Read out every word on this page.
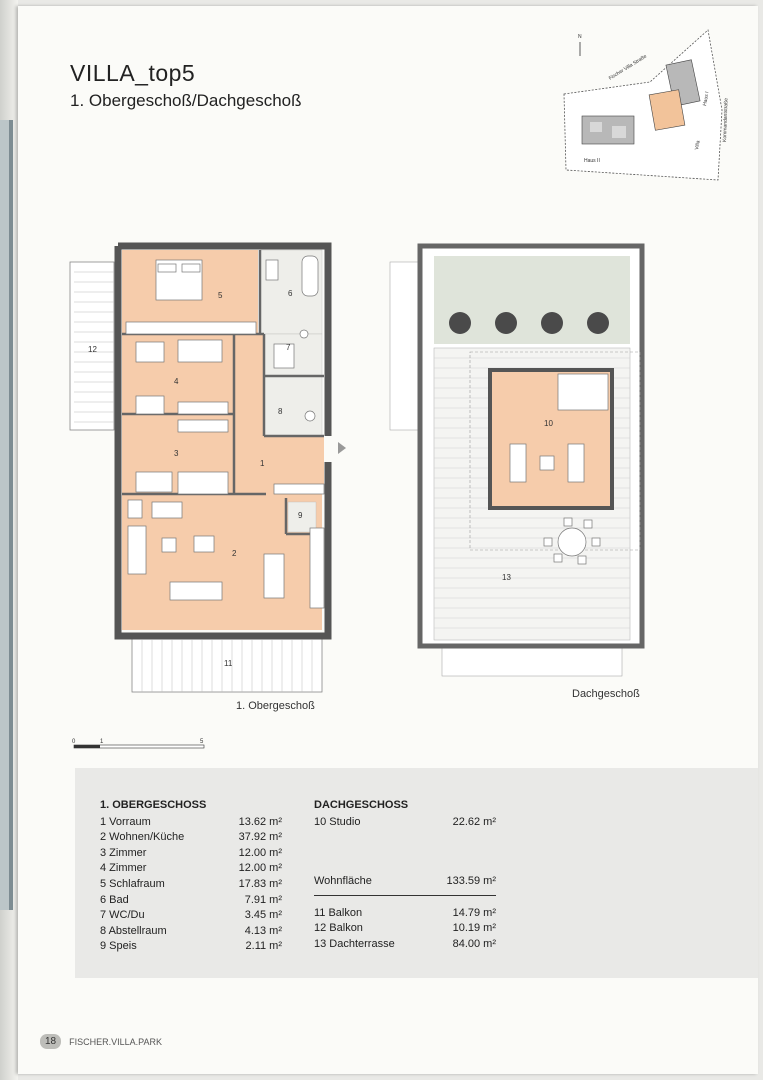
VILLA_top5
1. Obergeschoß/Dachgeschoß
N
Fischer Villa Straße
Haus II
Haus I
Villa
Kommandantstraße
12
11
1
2
3
4
5	6
7
8
9
1. Obergeschoß
10
13
Dachgeschoß
0	1	5
1. OBERGESCHOSS
1 Vorraum	13.62 m²
2 Wohnen/Küche	37.92 m²
3 Zimmer	12.00 m²
4 Zimmer	12.00 m²
5 Schlafraum	17.83 m²
6 Bad	7.91 m²
7 WC/Du	3.45 m²
8 Abstellraum	4.13 m²
9 Speis	2.11 m²
DACHGESCHOSS
10 Studio	22.62 m²
Wohnfläche	133.59 m²
11 Balkon	14.79 m²
12 Balkon	10.19 m²
13 Dachterrasse	84.00 m²
18	FISCHER.VILLA.PARK
